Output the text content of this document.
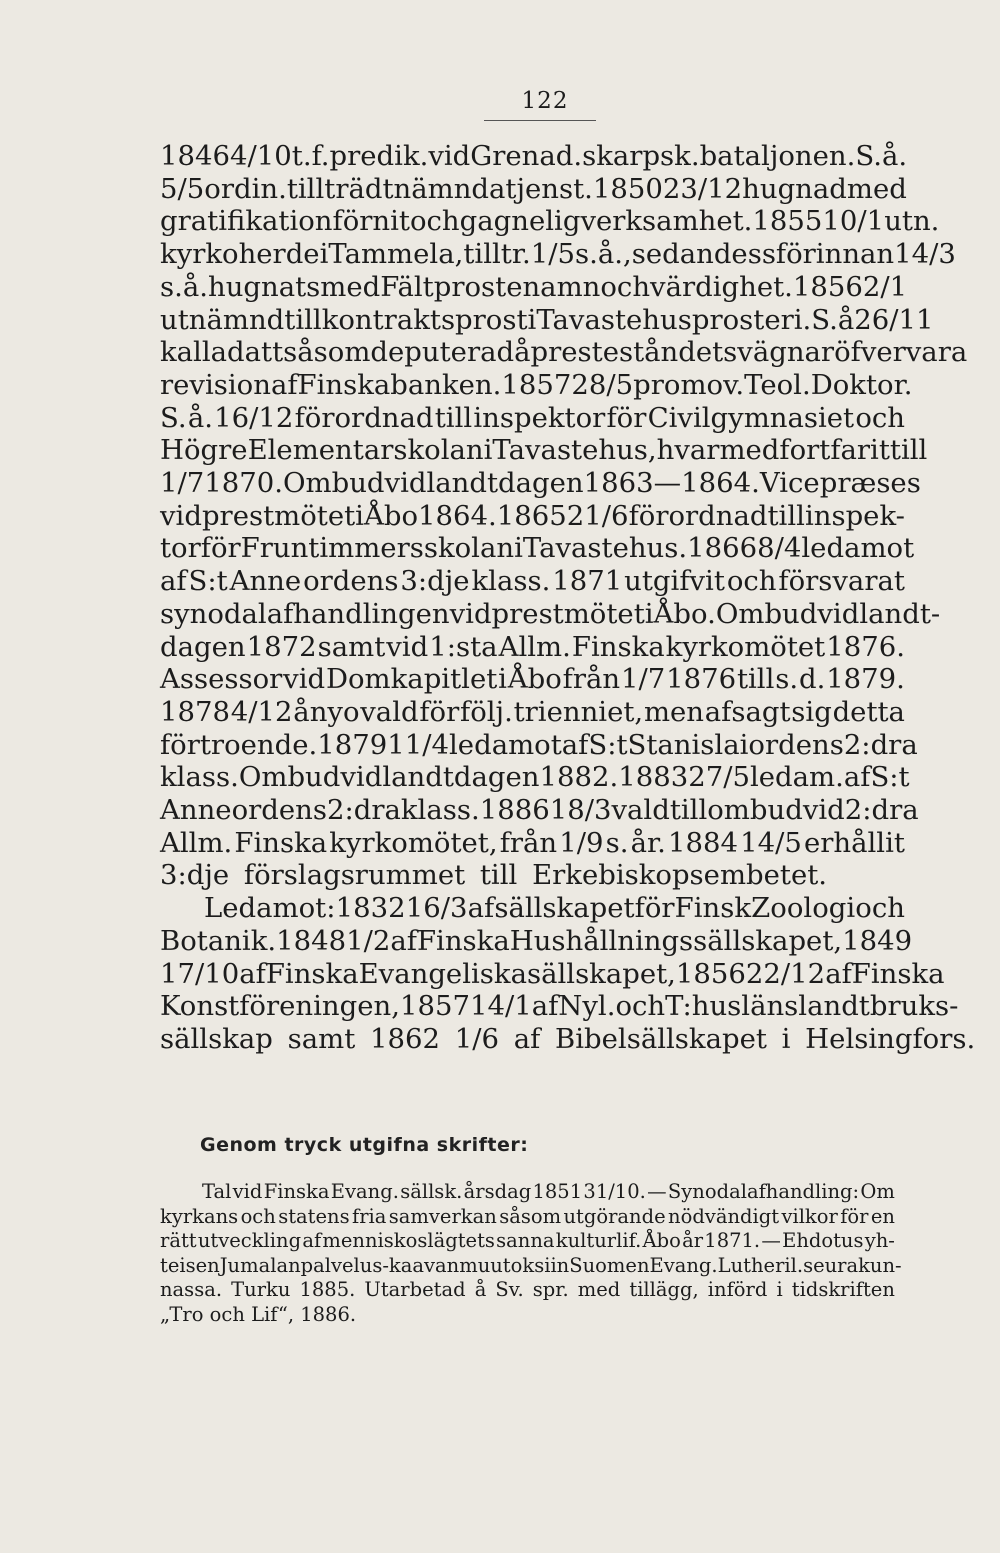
122
1846 4/10 t. f. predik. vid Grenad. skarpsk. bataljonen. S. å.
5/5 ordin. tillträdt nämnda tjenst. 1850 23/12 hugnad med
gratifikation för nit och gagnelig verksamhet. 1855 10/1 utn.
kyrkoherde i Tammela, tilltr. 1/5 s. å., sedan dessförinnan 14/3
s. å. hugnats med Fältproste namn och värdighet. 1856 2/1
utnämnd till kontraktsprost i Tavastehus prosteri. S. å 26/11
kallad att såsom deputerad å presteståndets vägnar öfvervara
revision af Finska banken. 1857 28/5 promov. Teol. Doktor.
S. å. 16/12 förordnad till inspektor för Civilgymnasiet och
Högre Elementarskolan i Tavastehus, hvarmed fortfarit till
1/7 1870. Ombud vid landtdagen 1863—1864. Vice præses
vid prestmötet i Åbo 1864. 1865 21/6 förordnad till inspek-
tor för Fruntimmersskolan i Tavastehus. 1866 8/4 ledamot
af S:t Anne ordens 3:dje klass. 1871 utgifvit och försvarat
synodalafhandlingen vid prestmötet i Åbo. Ombud vid landt-
dagen 1872 samt vid 1:sta Allm. Finska kyrkomötet 1876.
Assessor vid Domkapitlet i Åbo från 1/7 1876 till s. d. 1879.
1878 4/12 ånyo vald för följ. trienniet, men afsagt sig detta
förtroende. 1879 11/4 ledamot af S:t Stanislai ordens 2:dra
klass. Ombud vid landtdagen 1882. 1883 27/5 ledam. af S:t
Anne ordens 2:dra klass. 1886 18/3 vald till ombud vid 2:dra
Allm. Finska kyrkomötet, från 1/9 s. år. 1884 14/5 erhållit
3:dje förslagsrummet till Erkebiskopsembetet.
Ledamot: 1832 16/3 af sällskapet för Finsk Zoologi och
Botanik. 1848 1/2 af Finska Hushållningssällskapet, 1849
17/10 af Finska Evangeliska sällskapet, 1856 22/12 af Finska
Konstföreningen, 1857 14/1 af Nyl. och T:hus läns landtbruks-
sällskap samt 1862 1/6 af Bibelsällskapet i Helsingfors.
Genom tryck utgifna skrifter:
Tal vid Finska Evang. sällsk. årsdag 1851 31/10. — Synodalafhandling: Om
kyrkans och statens fria samverkan såsom utgörande nödvändigt vilkor för en
rätt utveckling af menniskoslägtets sanna kulturlif. Åbo år 1871. — Ehdotus yh-
teisen Jumalan palvelus-kaavan muutoksiin Suomen Evang. Lutheril. seurakun-
nassa. Turku 1885. Utarbetad å Sv. spr. med tillägg, införd i tidskriften
„Tro och Lif“, 1886.
